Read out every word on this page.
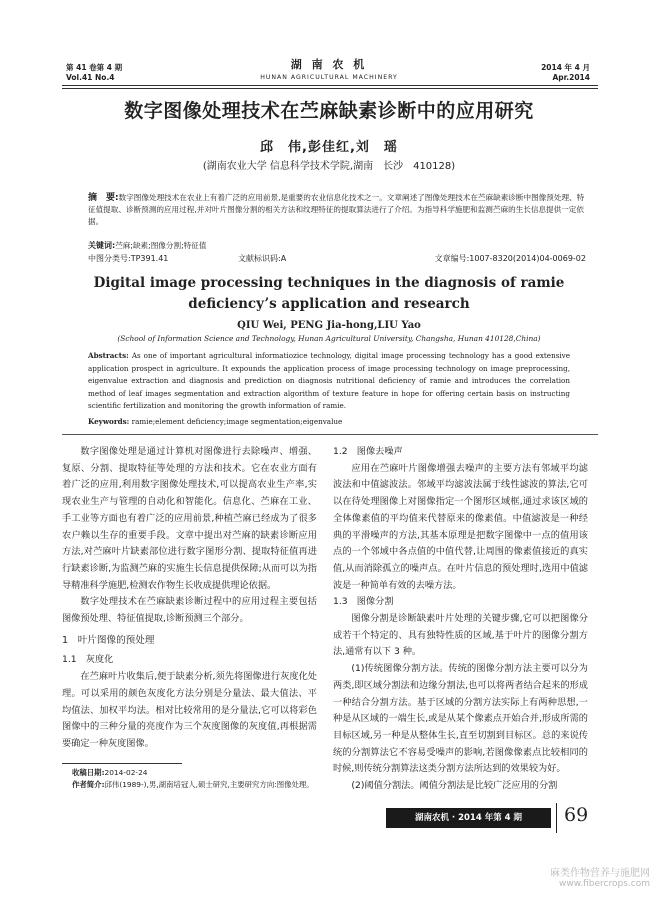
第 41 卷第 4 期
Vol.41 No.4
湖 南 农 机
HUNAN AGRICULTURAL MACHINERY
2014 年 4 月
Apr.2014
数字图像处理技术在苎麻缺素诊断中的应用研究
邱　伟,彭佳红,刘　瑶
(湖南农业大学 信息科学技术学院,湖南　长沙　410128)
摘　要:数字图像处理技术在农业上有着广泛的应用前景,是重要的农业信息化技术之一。文章阐述了图像处理技术在苎麻缺素诊断中图像预处理、特征值提取、诊断预测的应用过程,并对叶片图像分割的相关方法和纹理特征的提取算法进行了介绍。为指导科学施肥和监测苎麻的生长信息提供一定依据。
关键词:苎麻;缺素;图像分割;特征值
中图分类号:TP391.41	文献标识码:A	文章编号:1007-8320(2014)04-0069-02
Digital image processing techniques in the diagnosis of ramie deficiency’s application and research
QIU Wei, PENG Jia-hong,LIU Yao
(School of Information Science and Technology, Hunan Agricultural University, Changsha, Hunan 410128,China)
Abstracts: As one of important agricultural informatiozice technology, digital image processing technology has a good extensive application prospect in agriculture. It expounds the application process of image processing technology on image preprocessing, eigenvalue extraction and diagnosis and prediction on diagnosis nutritional deficiency of ramie and introduces the correlation method of leaf images segmentation and extraction algorithm of texture feature in hope for offering certain basis on instructing scientific fertilization and monitoring the growth information of ramie.
Keywords: ramie;element deficiency;image segmentation;eigenvalue

数字图像处理是通过计算机对图像进行去除噪声、增强、复原、分割、提取特征等处理的方法和技术。它在农业方面有着广泛的应用,利用数字图像处理技术,可以提高农业生产率,实现农业生产与管理的自动化和智能化。信息化、苎麻在工业、手工业等方面也有着广泛的应用前景,种植苎麻已经成为了很多农户赖以生存的重要手段。文章中提出对苎麻的缺素诊断应用方法,对苎麻叶片缺素部位进行数字图形分割、提取特征值再进行缺素诊断,为监测苎麻的实施生长信息提供保障;从而可以为指导精准科学施肥,检测农作物生长收成提供理论依据。

数字处理技术在苎麻缺素诊断过程中的应用过程主要包括图像预处理、特征值提取,诊断预测三个部分。

1　叶片图像的预处理

1.1　灰度化

在苎麻叶片收集后,便于缺素分析,须先将图像进行灰度化处理。可以采用的颜色灰度化方法分别是分量法、最大值法、平均值法、加权平均法。相对比较常用的是分量法,它可以将彩色图像中的三种分量的亮度作为三个灰度图像的灰度值,再根据需要确定一种灰度图像。

1.2　图像去噪声

应用在苎麻叶片图像增强去噪声的主要方法有邻域平均滤波法和中值滤波法。邻域平均滤波法属于线性滤波的算法,它可以在待处理图像上对图像指定一个图形区域框,通过求该区域的全体像素值的平均值来代替原来的像素值。中值滤波是一种经典的平滑噪声的方法,其基本原理是把数字图像中一点的值用该点的一个邻域中各点值的中值代替,让周围的像素值接近的真实值,从而消除孤立的噪声点。在叶片信息的预处理时,选用中值滤波是一种简单有效的去噪方法。

1.3　图像分割

图像分割是诊断缺素叶片处理的关键步骤,它可以把图像分成若干个特定的、具有独特性质的区域,基于叶片的图像分割方法,通常有以下 3 种。

(1)传统图像分割方法。传统的图像分割方法主要可以分为两类,即区域分割法和边缘分割法,也可以将两者结合起来的形成一种结合分割方法。基于区域的分割方法实际上有两种思想,一种是从区域的一端生长,或是从某个像素点开始合并,形成所需的目标区域,另一种是从整体生长,直至切割到目标区。总的来说传统的分割算法它不容易受噪声的影响,若图像像素点比较相同的时候,则传统分割算法这类分割方法所达到的效果较为好。

(2)阈值分割法。阈值分割法是比较广泛应用的分割

收稿日期:2014-02-24
作者简介:邱伟(1989-),男,湖南培冠人,硕士研究,主要研究方向:图像处理。
湖南农机 · 2014 年第 4 期	69
麻类作物营养与施肥网
www.fibercrops.com
